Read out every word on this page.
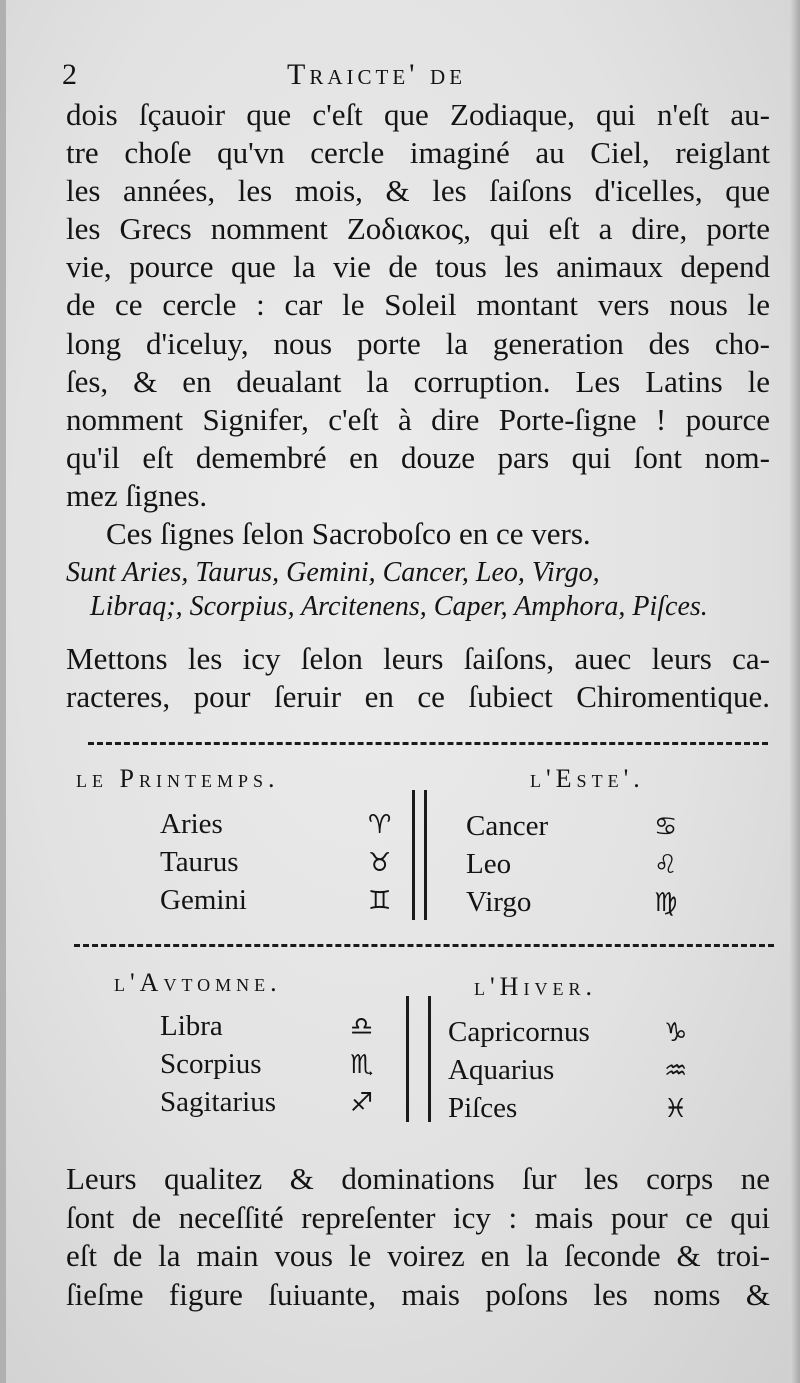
2	Traicte' de
dois ſçauoir que c'eſt que Zodiaque, qui n'eſt au-
tre choſe qu'vn cercle imaginé au Ciel, reiglant
les années, les mois, & les ſaiſons d'icelles, que
les Grecs nomment Zoδιακος, qui eſt a dire, porte
vie, pource que la vie de tous les animaux depend
de ce cercle : car le Soleil montant vers nous le
long d'iceluy, nous porte la generation des cho-
ſes, & en deualant la corruption. Les Latins le
nomment Signifer, c'eſt à dire Porte-ſigne ! pource
qu'il eſt demembré en douze pars qui ſont nom-
mez ſignes.
Ces ſignes ſelon Sacroboſco en ce vers.
Sunt Aries, Taurus, Gemini, Cancer, Leo, Virgo,
Libraq;, Scorpius, Arcitenens, Caper, Amphora, Piſces.
Mettons les icy ſelon leurs ſaiſons, auec leurs ca-
racteres, pour ſeruir en ce ſubiect Chiromentique.
le Printemps.	l'Este'.
Aries	♈
Taurus	♉
Gemini	♊
Cancer	♋
Leo	♌
Virgo	♍
l'Avtomne.	l'Hiver.
Libra	♎
Scorpius	♏
Sagitarius	♐
Capricornus	♑
Aquarius	♒
Piſces	♓
Leurs qualitez & dominations ſur les corps ne
ſont de neceſſité repreſenter icy : mais pour ce qui
eſt de la main vous le voirez en la ſeconde & troi-
ſieſme figure ſuiuante, mais poſons les noms &
